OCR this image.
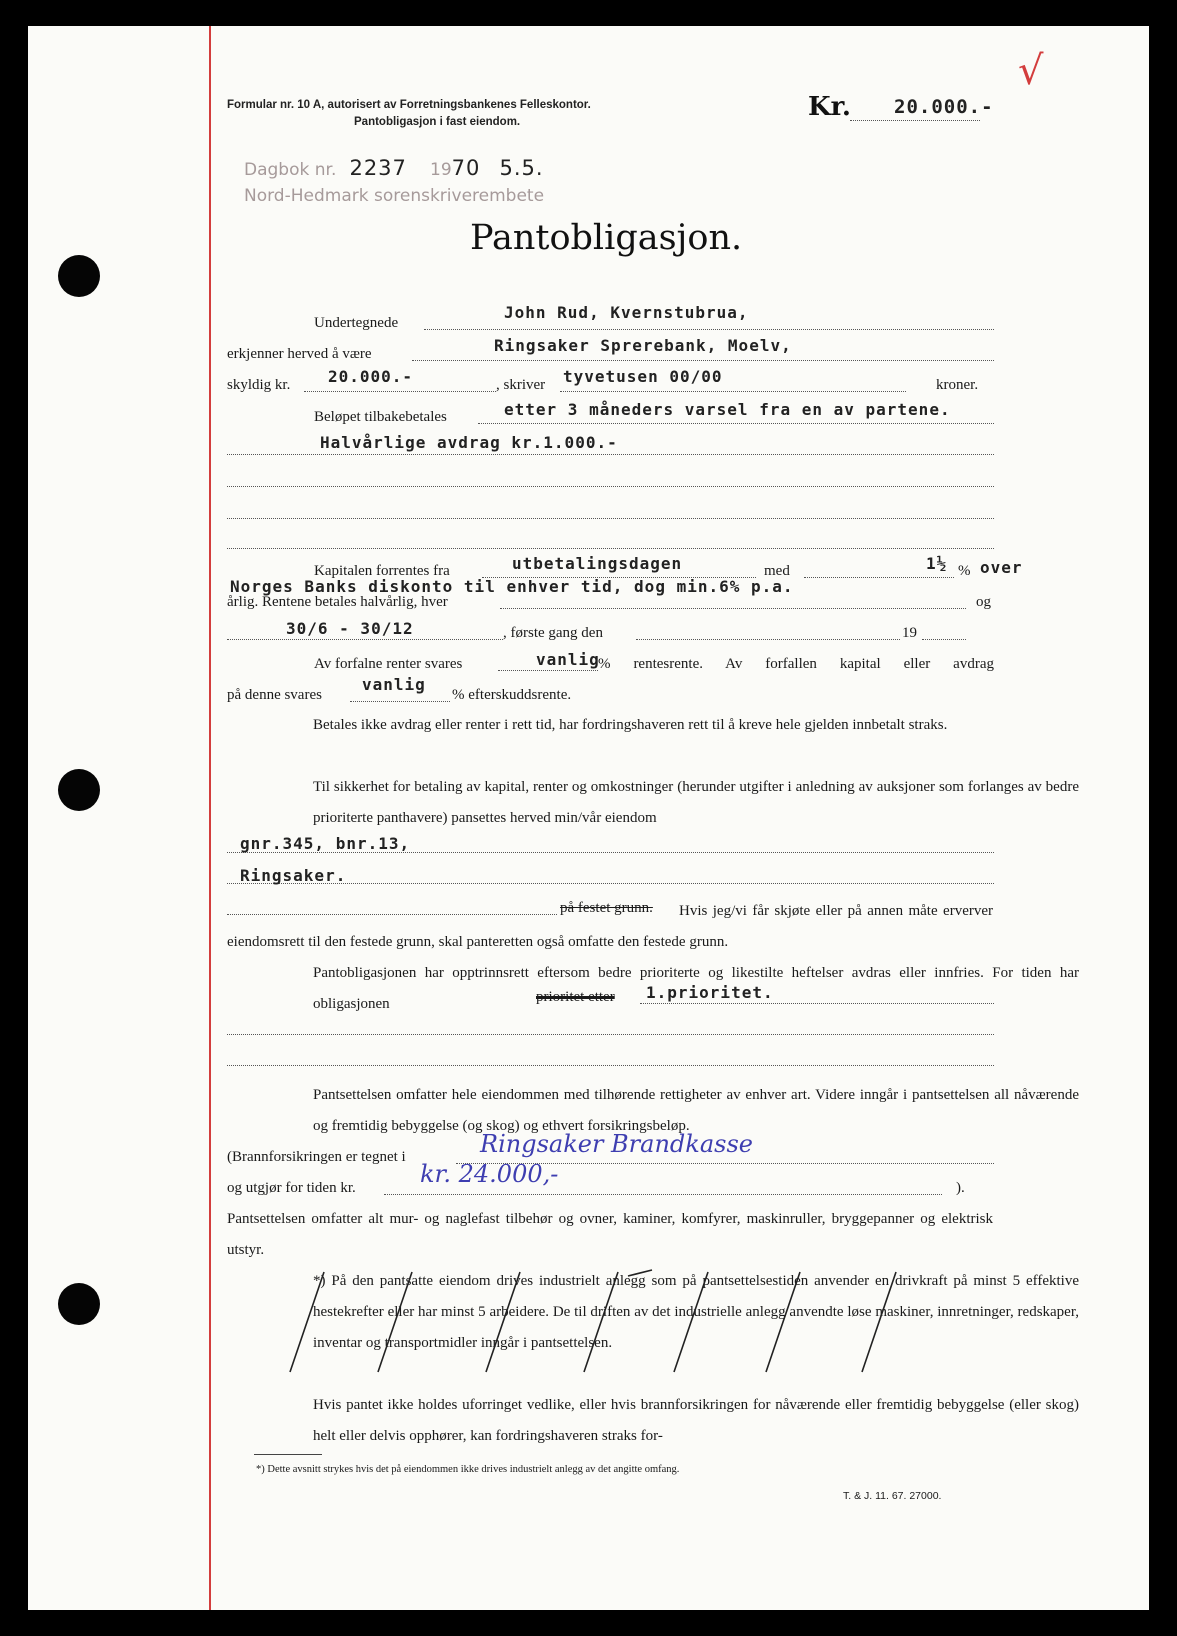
Formular nr. 10 A, autorisert av Forretningsbankenes Felleskontor.
Pantobligasjon i fast eiendom.	Kr. 20.000.-
√
Dagbok nr. 2237 1970 5.5.
Nord-Hedmark sorenskriverembete
Pantobligasjon.
Undertegnede
John Rud, Kvernstubrua,
erkjenner herved å være	Ringsaker Sprerebank, Moelv,
skyldig kr. 20.000.-	, skriver tyvetusen 00/00	kroner.
Beløpet tilbakebetales	etter 3 måneders varsel fra en av partene.
Halvårlige avdrag kr.1.000.-
Kapitalen forrentes fra	utbetalingsdagen	med	1½ % over
Norges Banks diskonto til enhver tid, dog min.6% p.a.
årlig. Rentene betales halvårlig, hver	og
30/6 - 30/12	, første gang den	19
Av forfalne renter svares	vanlig
% rentesrente. Av forfallen kapital eller avdrag
på denne svares
vanlig
% efterskuddsrente.
Betales ikke avdrag eller renter i rett tid, har fordringshaveren rett til å kreve hele gjelden innbetalt straks.
Til sikkerhet for betaling av kapital, renter og omkostninger (herunder utgifter i anledning av auksjoner som forlanges av bedre prioriterte panthavere) pansettes herved min/vår eiendom
gnr.345, bnr.13,
Ringsaker.
på festet grunn.	Hvis jeg/vi får skjøte eller på annen måte erverver eiendomsrett til den festede grunn, skal panteretten også omfatte den festede grunn.
Pantobligasjonen har opptrinnsrett eftersom bedre prioriterte og likestilte heftelser avdras eller innfries. For tiden har obligasjonen	prioritet etter 1.prioritet.
Pantsettelsen omfatter hele eiendommen med tilhørende rettigheter av enhver art. Videre inngår i pantsettelsen all nåværende og fremtidig bebyggelse (og skog) og ethvert forsikringsbeløp.
(Brannforsikringen er tegnet i	Ringsaker Brandkasse
og utgjør for tiden kr.	kr. 24.000,-	).
Pantsettelsen omfatter alt mur- og naglefast tilbehør og ovner, kaminer, komfyrer, maskinruller, bryggepanner og elektrisk utstyr.
*) På den pantsatte eiendom drives industrielt anlegg som på pantsettelsestiden anvender en drivkraft på minst 5 effektive hestekrefter eller har minst 5 arbeidere. De til driften av det industrielle anlegg anvendte løse maskiner, innretninger, redskaper, inventar og transportmidler inngår i pantsettelsen.
Hvis pantet ikke holdes uforringet vedlike, eller hvis brannforsikringen for nåværende eller fremtidig bebyggelse (eller skog) helt eller delvis opphører, kan fordringshaveren straks for-
*) Dette avsnitt strykes hvis det på eiendommen ikke drives industrielt anlegg av det angitte omfang.
T. & J. 11. 67. 27000.
